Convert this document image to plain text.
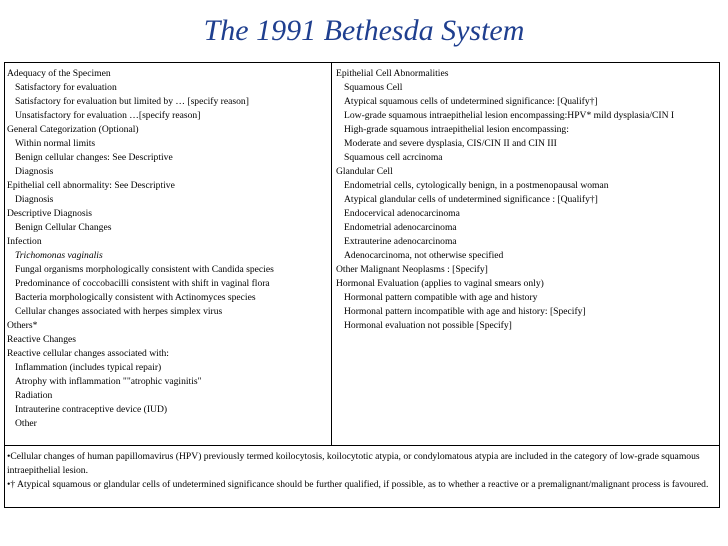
The 1991 Bethesda System
Adequacy of the Specimen
Satisfactory for evaluation
Satisfactory for evaluation but limited by … [specify reason]
Unsatisfactory for evaluation …[specify reason]
General Categorization (Optional)
Within normal limits
Benign cellular changes: See Descriptive
Diagnosis
Epithelial cell abnormality: See Descriptive
Diagnosis
Descriptive Diagnosis
Benign Cellular Changes
Infection
Trichomonas vaginalis
Fungal organisms morphologically consistent with Candida species
Predominance of coccobacilli consistent with shift in vaginal flora
Bacteria morphologically consistent with Actinomyces species
Cellular changes associated with herpes simplex virus
Others*
Reactive Changes
Reactive cellular changes associated with:
Inflammation (includes typical repair)
Atrophy with inflammation ""atrophic vaginitis"
Radiation
Intrauterine contraceptive device (IUD)
Other
Epithelial Cell Abnormalities
Squamous Cell
Atypical squamous cells of undetermined significance: [Qualify†]
Low-grade squamous intraepithelial lesion encompassing:HPV* mild dysplasia/CIN I
High-grade squamous intraepithelial lesion encompassing:
Moderate and severe dysplasia, CIS/CIN II and CIN III
Squamous cell acrcinoma
Glandular Cell
Endometrial cells, cytologically benign, in a postmenopausal woman
Atypical glandular cells of undetermined significance : [Qualify†]
Endocervical adenocarcinoma
Endometrial adenocarcinoma
Extrauterine adenocarcinoma
Adenocarcinoma, not otherwise specified
Other Malignant Neoplasms : [Specify]
Hormonal Evaluation (applies to vaginal smears only)
Hormonal pattern compatible with age and history
Hormonal pattern incompatible with age and history: [Specify]
Hormonal evaluation not possible [Specify]

•Cellular changes of human papillomavirus (HPV) previously termed koilocytosis, koilocytotic atypia, or condylomatous atypia are included in the category of low-grade squamous intraepithelial lesion.

•† Atypical squamous or glandular cells of undetermined significance should be further qualified, if possible, as to whether a reactive or a premalignant/malignant process is favoured.
